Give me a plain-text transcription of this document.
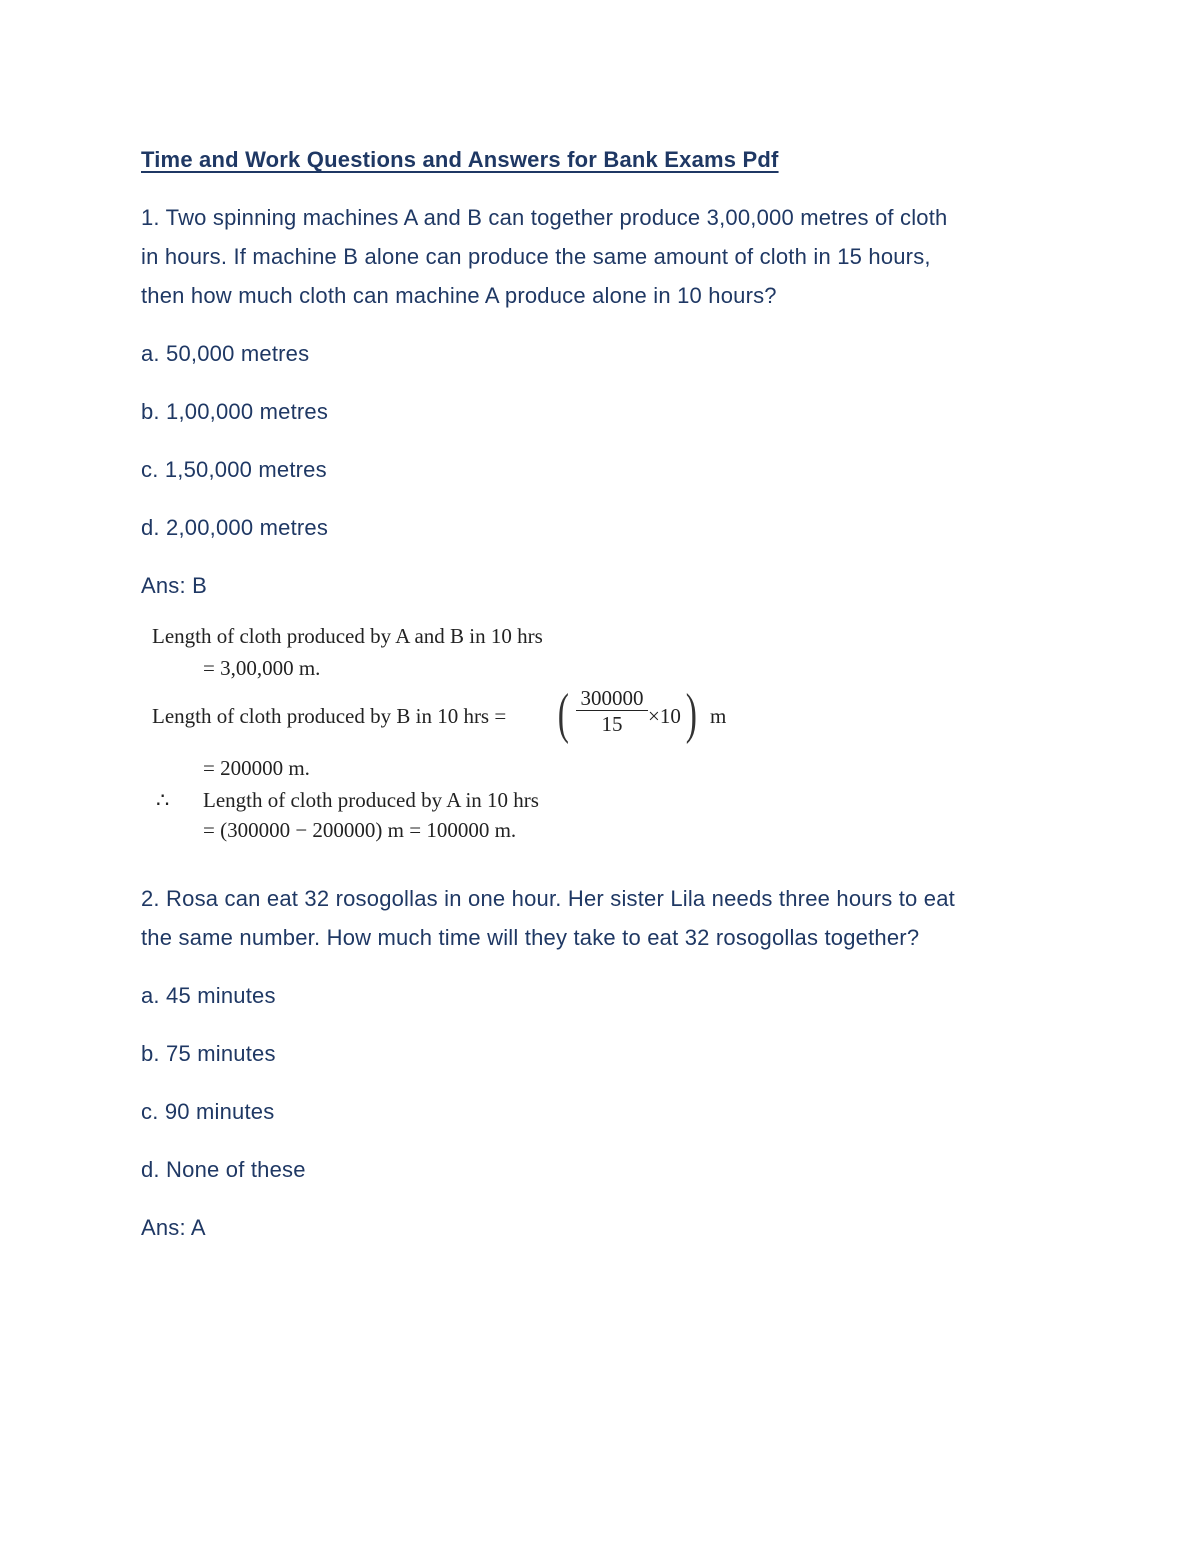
Time and Work Questions and Answers for Bank Exams Pdf

1. Two spinning machines A and B can together produce 3,00,000 metres of cloth

in hours. If machine B alone can produce the same amount of cloth in 15 hours,

then how much cloth can machine A produce alone in 10 hours?

a. 50,000 metres

b. 1,00,000 metres

c. 1,50,000 metres

d. 2,00,000 metres

Ans: B

Length of cloth produced by A and B in 10 hrs
= 3,00,000 m.
Length of cloth produced by B in 10 hrs = ( $\frac{300000}{15} \times 10$ ) m
= 200000 m.
∴ Length of cloth produced by A in 10 hrs
= (300000 − 200000) m = 100000 m.

2. Rosa can eat 32 rosogollas in one hour. Her sister Lila needs three hours to eat

the same number. How much time will they take to eat 32 rosogollas together?

a. 45 minutes

b. 75 minutes

c. 90 minutes

d. None of these

Ans: A
